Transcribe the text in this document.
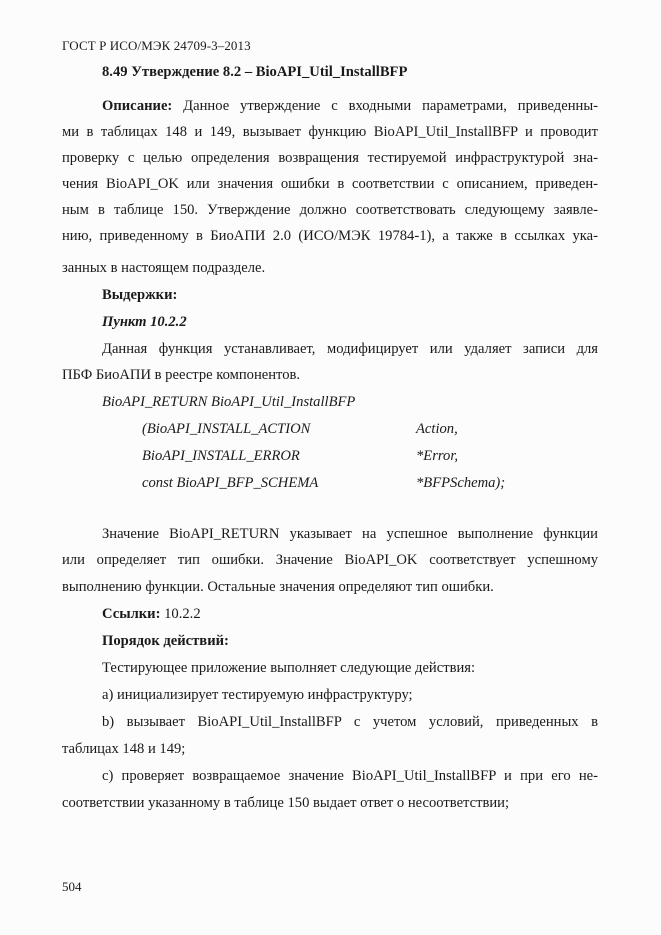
ГОСТ Р ИСО/МЭК 24709-3–2013
8.49 Утверждение 8.2 – BioAPI_Util_InstallBFP
Описание: Данное утверждение с входными параметрами, приведенны-
ми в таблицах 148 и 149, вызывает функцию BioAPI_Util_InstallBFP и проводит
проверку с целью определения возвращения тестируемой инфраструктурой зна-
чения BioAPI_OK или значения ошибки в соответствии с описанием, приведен-
ным в таблице 150. Утверждение должно соответствовать следующему заявле-
нию, приведенному в БиоАПИ 2.0 (ИСО/МЭК 19784-1), а также в ссылках ука-
занных в настоящем подразделе.
Выдержки:
Пункт 10.2.2
Данная функция устанавливает, модифицирует или удаляет записи для
ПБФ БиоАПИ в реестре компонентов.
BioAPI_RETURN BioAPI_Util_InstallBFP
(BioAPI_INSTALL_ACTION	Action,
BioAPI_INSTALL_ERROR	*Error,
const BioAPI_BFP_SCHEMA	*BFPSchema);
Значение BioAPI_RETURN указывает на успешное выполнение функции
или определяет тип ошибки. Значение BioAPI_OK соответствует успешному
выполнению функции. Остальные значения определяют тип ошибки.
Ссылки: 10.2.2
Порядок действий:
Тестирующее приложение выполняет следующие действия:
а) инициализирует тестируемую инфраструктуру;
b) вызывает BioAPI_Util_InstallBFP с учетом условий, приведенных в
таблицах 148 и 149;
с) проверяет возвращаемое значение BioAPI_Util_InstallBFP и при его не-
соответствии указанному в таблице 150 выдает ответ о несоответствии;
504
